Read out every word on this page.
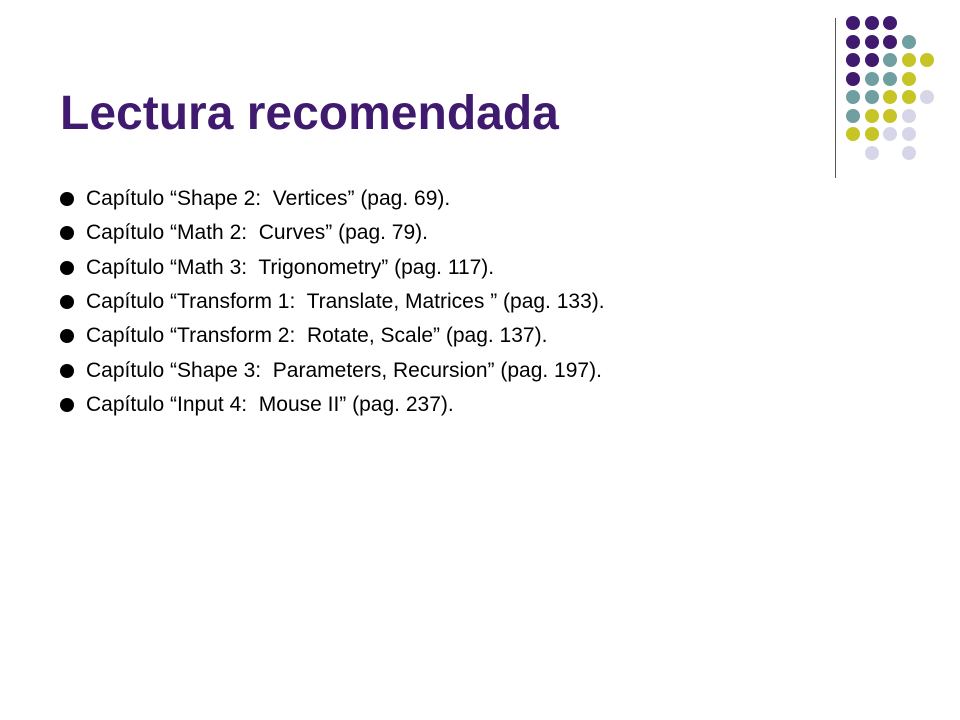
Lectura recomendada
Capítulo “Shape 2:  Vertices” (pag. 69).
Capítulo “Math 2:  Curves” (pag. 79).
Capítulo “Math 3:  Trigonometry” (pag. 117).
Capítulo “Transform 1:  Translate, Matrices ” (pag. 133).
Capítulo “Transform 2:  Rotate, Scale” (pag. 137).
Capítulo “Shape 3:  Parameters, Recursion” (pag. 197).
Capítulo “Input 4:  Mouse II” (pag. 237).
